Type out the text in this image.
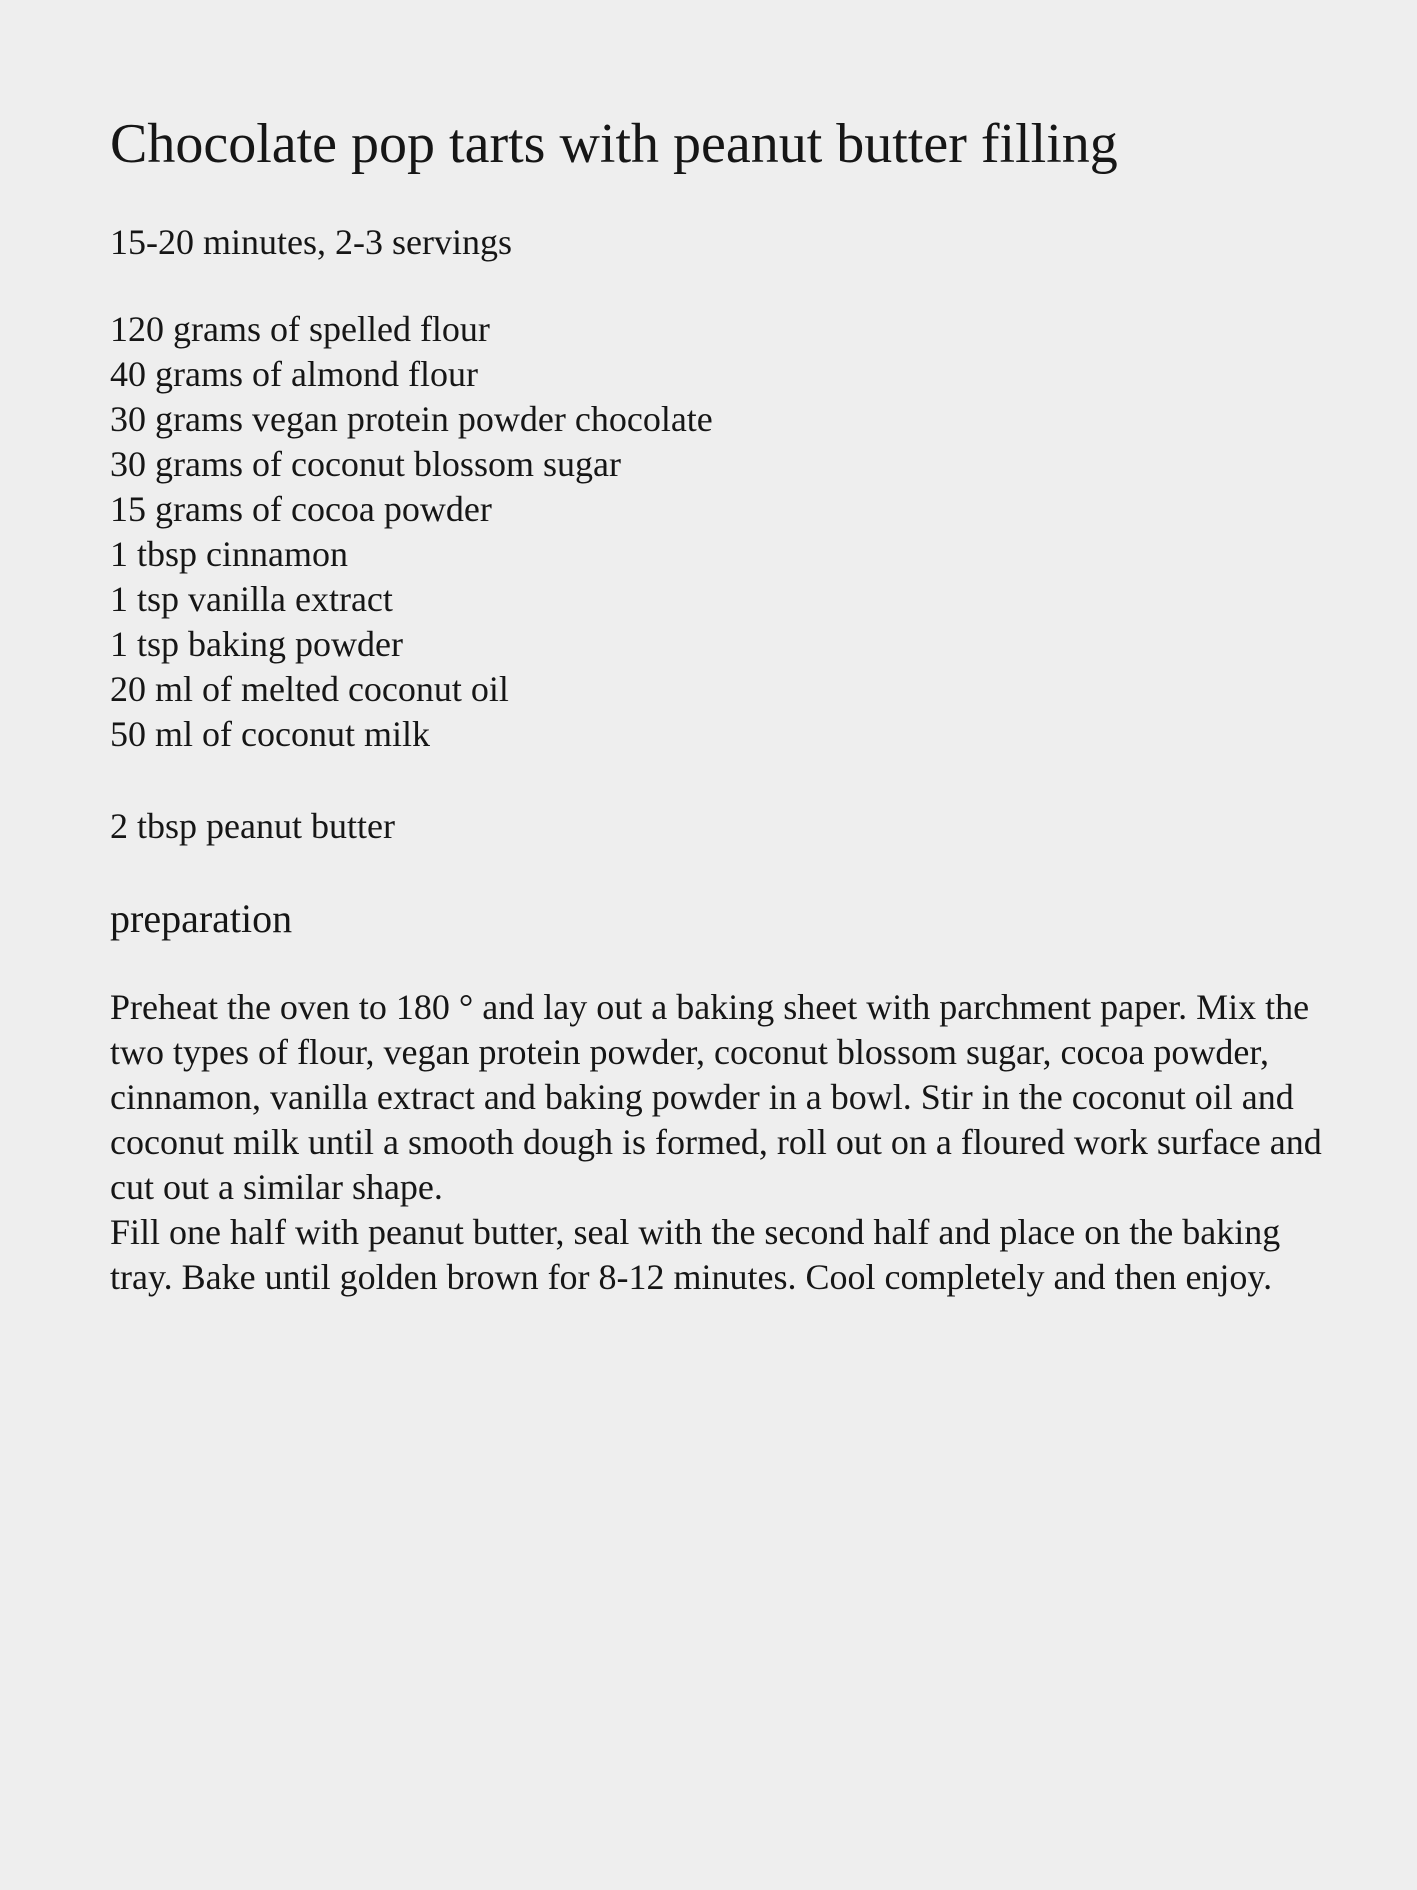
Chocolate pop tarts with peanut butter filling

15-20 minutes, 2-3 servings

120 grams of spelled flour
40 grams of almond flour
30 grams vegan protein powder chocolate
30 grams of coconut blossom sugar
15 grams of cocoa powder
1 tbsp cinnamon
1 tsp vanilla extract
1 tsp baking powder
20 ml of melted coconut oil
50 ml of coconut milk

2 tbsp peanut butter

preparation

Preheat the oven to 180 ° and lay out a baking sheet with parchment paper. Mix the two types of flour, vegan protein powder, coconut blossom sugar, cocoa powder, cinnamon, vanilla extract and baking powder in a bowl. Stir in the coconut oil and coconut milk until a smooth dough is formed, roll out on a floured work surface and cut out a similar shape.

Fill one half with peanut butter, seal with the second half and place on the baking tray. Bake until golden brown for 8-12 minutes. Cool completely and then enjoy.
